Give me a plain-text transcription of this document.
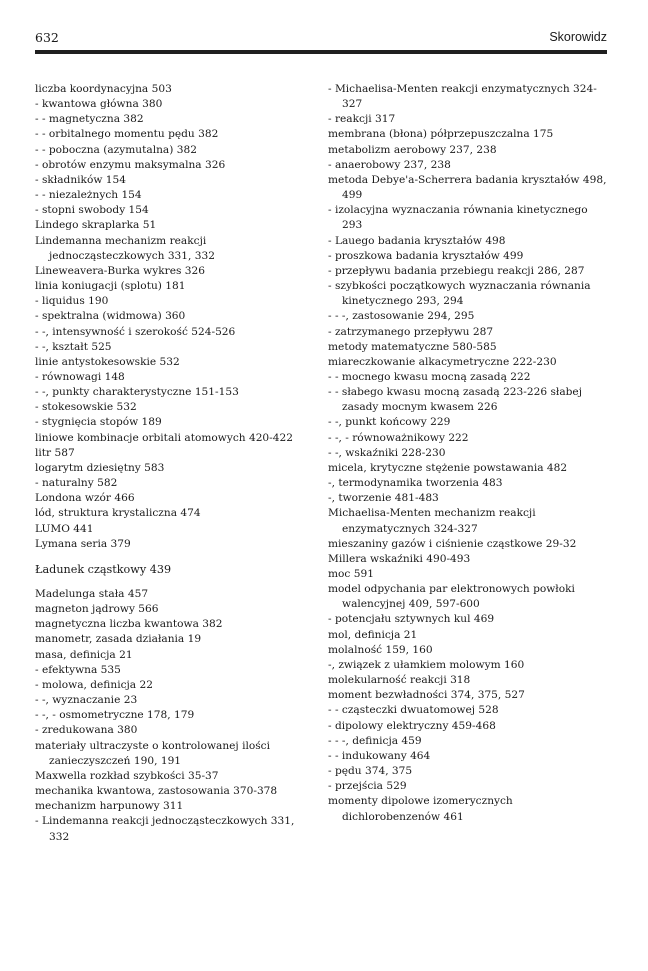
632	Skorowidz

liczba koordynacyjna 503

- kwantowa główna 380

- - magnetyczna 382

- - orbitalnego momentu pędu 382

- - poboczna (azymutalna) 382

- obrotów enzymu maksymalna 326

- składników 154

- - niezależnych 154

- stopni swobody 154

Lindego skraplarka 51

Lindemanna mechanizm reakcji jednocząsteczkowych 331, 332

Lineweavera-Burka wykres 326

linia koniugacji (splotu) 181

- liquidus 190

- spektralna (widmowa) 360

- -, intensywność i szerokość 524-526

- -, kształt 525

linie antystokesowskie 532

- równowagi 148

- -, punkty charakterystyczne 151-153

- stokesowskie 532

- stygnięcia stopów 189

liniowe kombinacje orbitali atomowych 420-422

litr 587

logarytm dziesiętny 583

- naturalny 582

Londona wzór 466

lód, struktura krystaliczna 474

LUMO 441

Lymana seria 379

Ładunek cząstkowy 439

Madelunga stała 457

magneton jądrowy 566

magnetyczna liczba kwantowa 382

manometr, zasada działania 19

masa, definicja 21

- efektywna 535

- molowa, definicja 22

- -, wyznaczanie 23

- -, - osmometryczne 178, 179

- zredukowana 380

materiały ultraczyste o kontrolowanej ilości zanieczyszczeń 190, 191

Maxwella rozkład szybkości 35-37

mechanika kwantowa, zastosowania 370-378

mechanizm harpunowy 311

- Lindemanna reakcji jednocząsteczkowych 331, 332

- Michaelisa-Menten reakcji enzymatycznych 324-327

- reakcji 317

membrana (błona) półprzepuszczalna 175

metabolizm aerobowy 237, 238

- anaerobowy 237, 238

metoda Debye'a-Scherrera badania kryształów 498, 499

- izolacyjna wyznaczania równania kinetycznego 293

- Lauego badania kryształów 498

- proszkowa badania kryształów 499

- przepływu badania przebiegu reakcji 286, 287

- szybkości początkowych wyznaczania równania kinetycznego 293, 294

- - -, zastosowanie 294, 295

- zatrzymanego przepływu 287

metody matematyczne 580-585

miareczkowanie alkacymetryczne 222-230

- - mocnego kwasu mocną zasadą 222

- - słabego kwasu mocną zasadą 223-226 słabej zasady mocnym kwasem 226

- -, punkt końcowy 229

- -, - równoważnikowy 222

- -, wskaźniki 228-230

micela, krytyczne stężenie powstawania 482

-, termodynamika tworzenia 483

-, tworzenie 481-483

Michaelisa-Menten mechanizm reakcji enzymatycznych 324-327

mieszaniny gazów i ciśnienie cząstkowe 29-32

Millera wskaźniki 490-493

moc 591

model odpychania par elektronowych powłoki walencyjnej 409, 597-600

- potencjału sztywnych kul 469

mol, definicja 21

molalność 159, 160

-, związek z ułamkiem molowym 160

molekularność reakcji 318

moment bezwładności 374, 375, 527

- - cząsteczki dwuatomowej 528

- dipolowy elektryczny 459-468

- - -, definicja 459

- - indukowany 464

- pędu 374, 375

- przejścia 529

momenty dipolowe izomerycznych dichlorobenzenów 461
